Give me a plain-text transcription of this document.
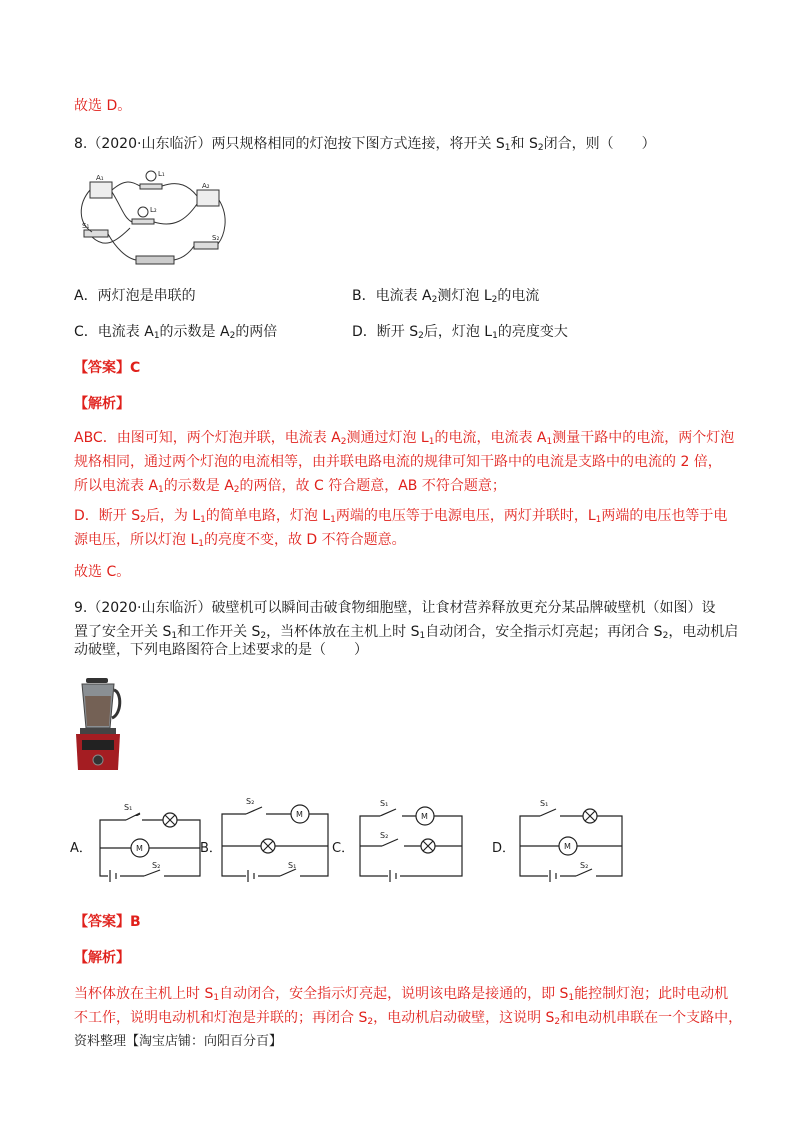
故选 D。
8.（2020·山东临沂）两只规格相同的灯泡按下图方式连接，将开关 $S_1$和 $S_2$闭合，则（　　）
A₁	L₁
A₂
L₂
S₁
S₂
A．两灯泡是串联的	B．电流表 $A_2$测灯泡 $L_2$的电流
C．电流表 $A_1$的示数是 $A_2$的两倍	D．断开 $S_2$后，灯泡 $L_1$的亮度变大
【答案】C
【解析】
ABC．由图可知，两个灯泡并联，电流表 $A_2$测通过灯泡 $L_1$的电流，电流表 $A_1$测量干路中的电流，两个灯泡
规格相同，通过两个灯泡的电流相等，由并联电路电流的规律可知干路中的电流是支路中的电流的 2 倍，
所以电流表 $A_1$的示数是 $A_2$的两倍，故 C 符合题意，AB 不符合题意；
D．断开 $S_2$后，为 $L_1$的简单电路，灯泡 $L_1$两端的电压等于电源电压，两灯并联时，$L_1$两端的电压也等于电
源电压，所以灯泡 $L_1$的亮度不变，故 D 不符合题意。
故选 C。
9.（2020·山东临沂）破壁机可以瞬间击破食物细胞壁，让食材营养释放更充分某品牌破壁机（如图）设
置了安全开关 $S_1$和工作开关 $S_2$，当杯体放在主机上时 $S_1$自动闭合，安全指示灯亮起；再闭合 $S_2$，电动机启
动破壁，下列电路图符合上述要求的是（　　）
S₁
M
S₂
S₂
M
S₁
S₁
M
S₂
S₁
M
S₂
A．	B．	C．	D．
【答案】B
【解析】
当杯体放在主机上时 $S_1$自动闭合，安全指示灯亮起，说明该电路是接通的，即 $S_1$能控制灯泡；此时电动机
不工作，说明电动机和灯泡是并联的；再闭合 $S_2$，电动机启动破壁，这说明 $S_2$和电动机串联在一个支路中，
资料整理【淘宝店铺：向阳百分百】
